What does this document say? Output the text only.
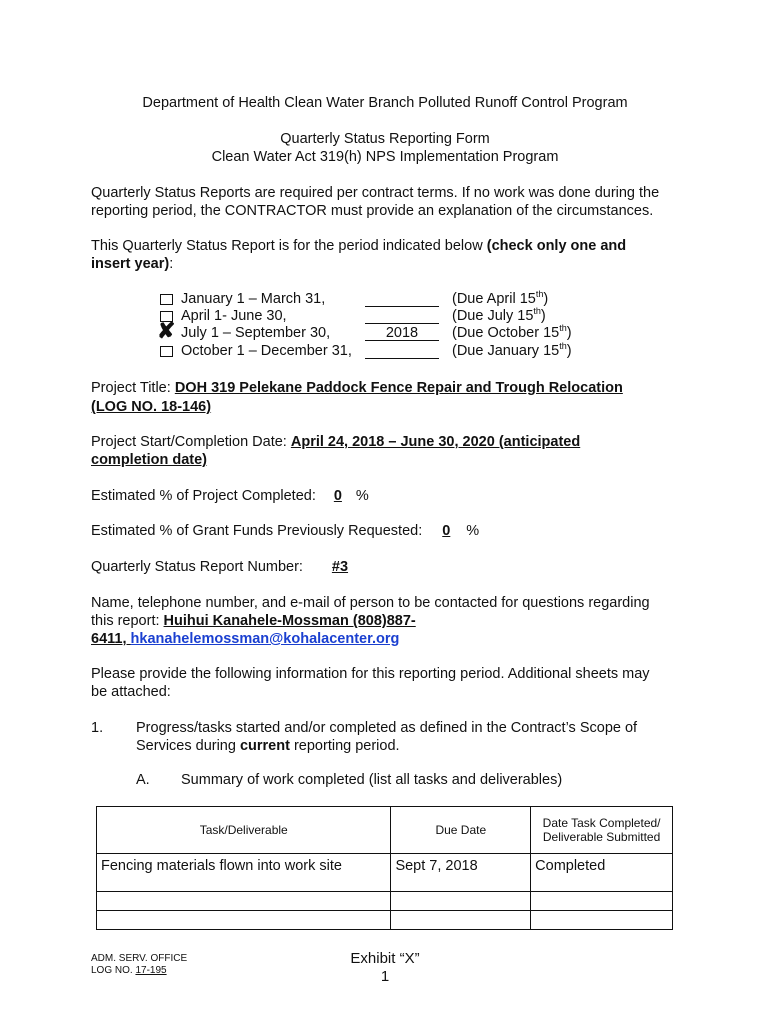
Department of Health Clean Water Branch Polluted Runoff Control Program
Quarterly Status Reporting Form
Clean Water Act 319(h) NPS Implementation Program
Quarterly Status Reports are required per contract terms. If no work was done during the
reporting period, the CONTRACTOR must provide an explanation of the circumstances.
This Quarterly Status Report is for the period indicated below (check only one and
insert year):
January 1 – March 31,	(Due April 15th)
April 1- June 30,	(Due July 15th)
✘ July 1 – September 30,	2018	(Due October 15th)
October 1 – December 31,	(Due January 15th)
Project Title: DOH 319 Pelekane Paddock Fence Repair and Trough Relocation
(LOG NO. 18-146)
Project Start/Completion Date: April 24, 2018 – June 30, 2020 (anticipated
completion date)
Estimated % of Project Completed: 0 %
Estimated % of Grant Funds Previously Requested: 0 %
Quarterly Status Report Number: #3
Name, telephone number, and e-mail of person to be contacted for questions regarding
this report: Huihui Kanahele-Mossman (808)887-
6411, hkanahelemossman@kohalacenter.org
Please provide the following information for this reporting period. Additional sheets may
be attached:
1. Progress/tasks started and/or completed as defined in the Contract’s Scope of
Services during current reporting period.
A. Summary of work completed (list all tasks and deliverables)
Task/Deliverable	Due Date	Date Task Completed/
Deliverable Submitted
Fencing materials flown into work site	Sept 7, 2018	Completed

ADM. SERV. OFFICE
LOG NO. 17-195
Exhibit “X”
1
